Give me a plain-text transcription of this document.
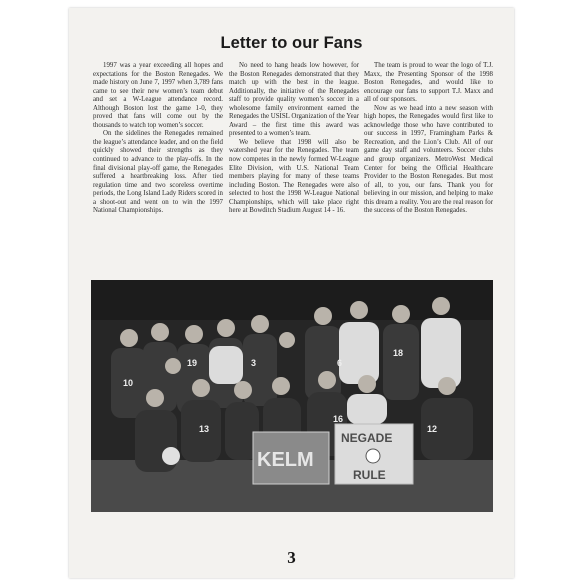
Letter to our Fans

1997 was a year exceeding all hopes and expectations for the Boston Renegades. We made history on June 7, 1997 when 3,789 fans came to see their new women’s team debut and set a W-League attendance record. Although Boston lost the game 1-0, they proved that fans will come out by the thousands to watch top women’s soccer.

On the sidelines the Renegades remained the league’s attendance leader, and on the field quickly showed their strengths as they continued to advance to the play-offs. In the final divisional play-off game, the Renegades suffered a heartbreaking loss. After tied regulation time and two scoreless overtime periods, the Long Island Lady Riders scored in a shoot-out and went on to win the 1997 National Championships.

No need to hang heads low however, for the Boston Renegades demonstrated that they match up with the best in the league. Additionally, the initiative of the Renegades staff to provide quality women’s soccer in a wholesome family environment earned the Renegades the USISL Organization of the Year Award – the first time this award was presented to a women’s team.

We believe that 1998 will also be watershed year for the Renegades. The team now competes in the newly formed W-League Elite Division, with U.S. National Team members playing for many of these teams including Boston. The Renegades were also selected to host the 1998 W-League National Championships, which will take place right here at Bowditch Stadium August 14 - 16.

The team is proud to wear the logo of T.J. Maxx, the Presenting Sponsor of the 1998 Boston Renegades, and would like to encourage our fans to support T.J. Maxx and all of our sponsors.

Now as we head into a new season with high hopes, the Renegades would first like to acknowledge those who have contributed to our success in 1997, Framingham Parks & Recreation, and the Lion’s Club. All of our game day staff and volunteers. Soccer clubs and group organizers. MetroWest Medical Center for being the Official Healthcare Provider to the Boston Renegades. But most of all, to you, our fans. Thank you for believing in our mission, and helping to make this dream a reality. You are the real reason for the success of the Boston Renegades.

10
19	3
18
13
6
16
12
KELM
NEGADE
RULE
3
